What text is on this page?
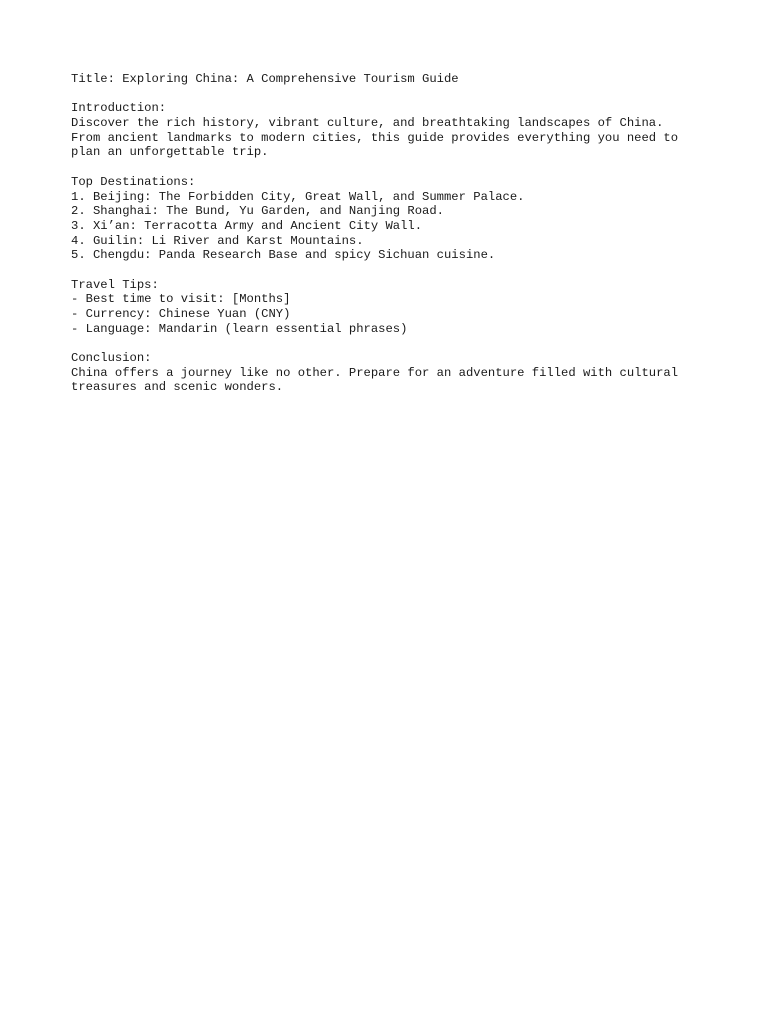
Title: Exploring China: A Comprehensive Tourism Guide
Introduction:
Discover the rich history, vibrant culture, and breathtaking landscapes of China.
From ancient landmarks to modern cities, this guide provides everything you need to
plan an unforgettable trip.
Top Destinations:
1. Beijing: The Forbidden City, Great Wall, and Summer Palace.
2. Shanghai: The Bund, Yu Garden, and Nanjing Road.
3. Xi’an: Terracotta Army and Ancient City Wall.
4. Guilin: Li River and Karst Mountains.
5. Chengdu: Panda Research Base and spicy Sichuan cuisine.
Travel Tips:
- Best time to visit: [Months]
- Currency: Chinese Yuan (CNY)
- Language: Mandarin (learn essential phrases)
Conclusion:
China offers a journey like no other. Prepare for an adventure filled with cultural
treasures and scenic wonders.
